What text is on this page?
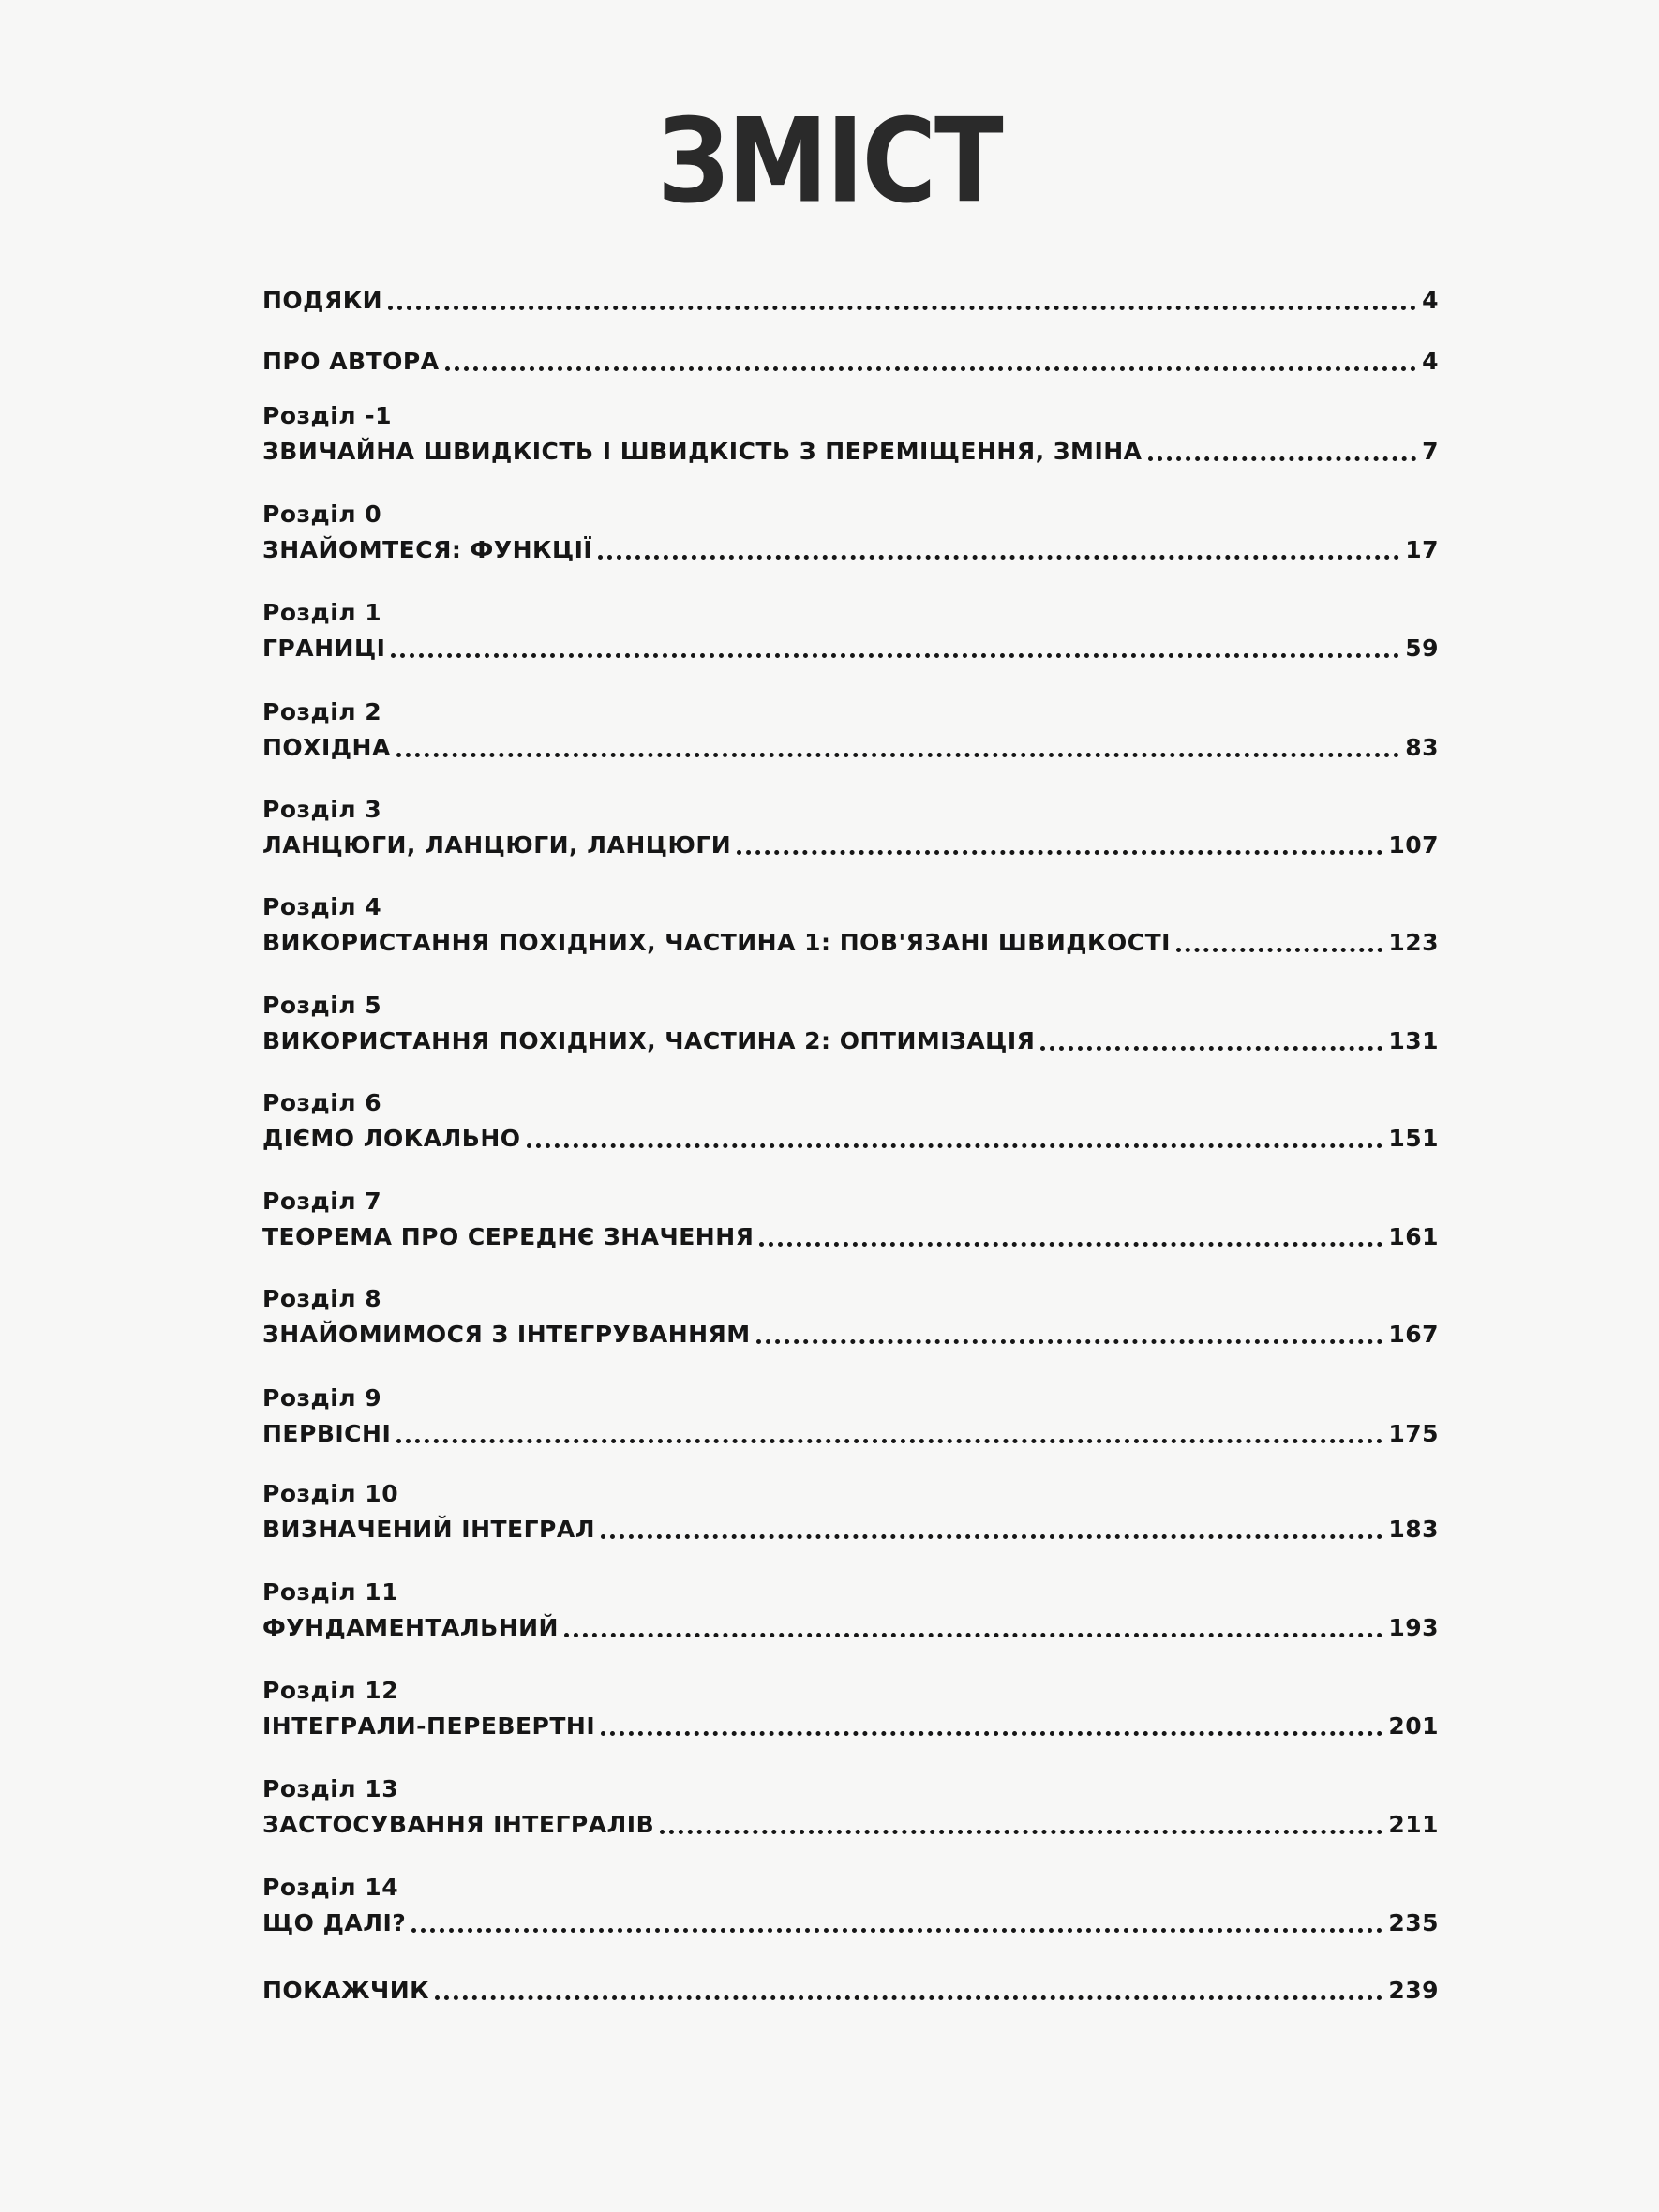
ЗМІСТ
ПОДЯКИ	4
ПРО АВТОРА	4
Розділ -1
ЗВИЧАЙНА ШВИДКІСТЬ І ШВИДКІСТЬ З ПЕРЕМІЩЕННЯ, ЗМІНА	7
Розділ 0
ЗНАЙОМТЕСЯ: ФУНКЦІЇ	17
Розділ 1
ГРАНИЦІ	59
Розділ 2
ПОХІДНА	83
Розділ 3
ЛАНЦЮГИ, ЛАНЦЮГИ, ЛАНЦЮГИ	107
Розділ 4
ВИКОРИСТАННЯ ПОХІДНИХ, ЧАСТИНА 1: ПОВ'ЯЗАНІ ШВИДКОСТІ	123
Розділ 5
ВИКОРИСТАННЯ ПОХІДНИХ, ЧАСТИНА 2: ОПТИМІЗАЦІЯ	131
Розділ 6
ДІЄМО ЛОКАЛЬНО	151
Розділ 7
ТЕОРЕМА ПРО СЕРЕДНЄ ЗНАЧЕННЯ	161
Розділ 8
ЗНАЙОМИМОСЯ З ІНТЕГРУВАННЯМ	167
Розділ 9
ПЕРВІСНІ	175
Розділ 10
ВИЗНАЧЕНИЙ ІНТЕГРАЛ	183
Розділ 11
ФУНДАМЕНТАЛЬНИЙ	193
Розділ 12
ІНТЕГРАЛИ-ПЕРЕВЕРТНІ	201
Розділ 13
ЗАСТОСУВАННЯ ІНТЕГРАЛІВ	211
Розділ 14
ЩО ДАЛІ?	235
ПОКАЖЧИК	239
